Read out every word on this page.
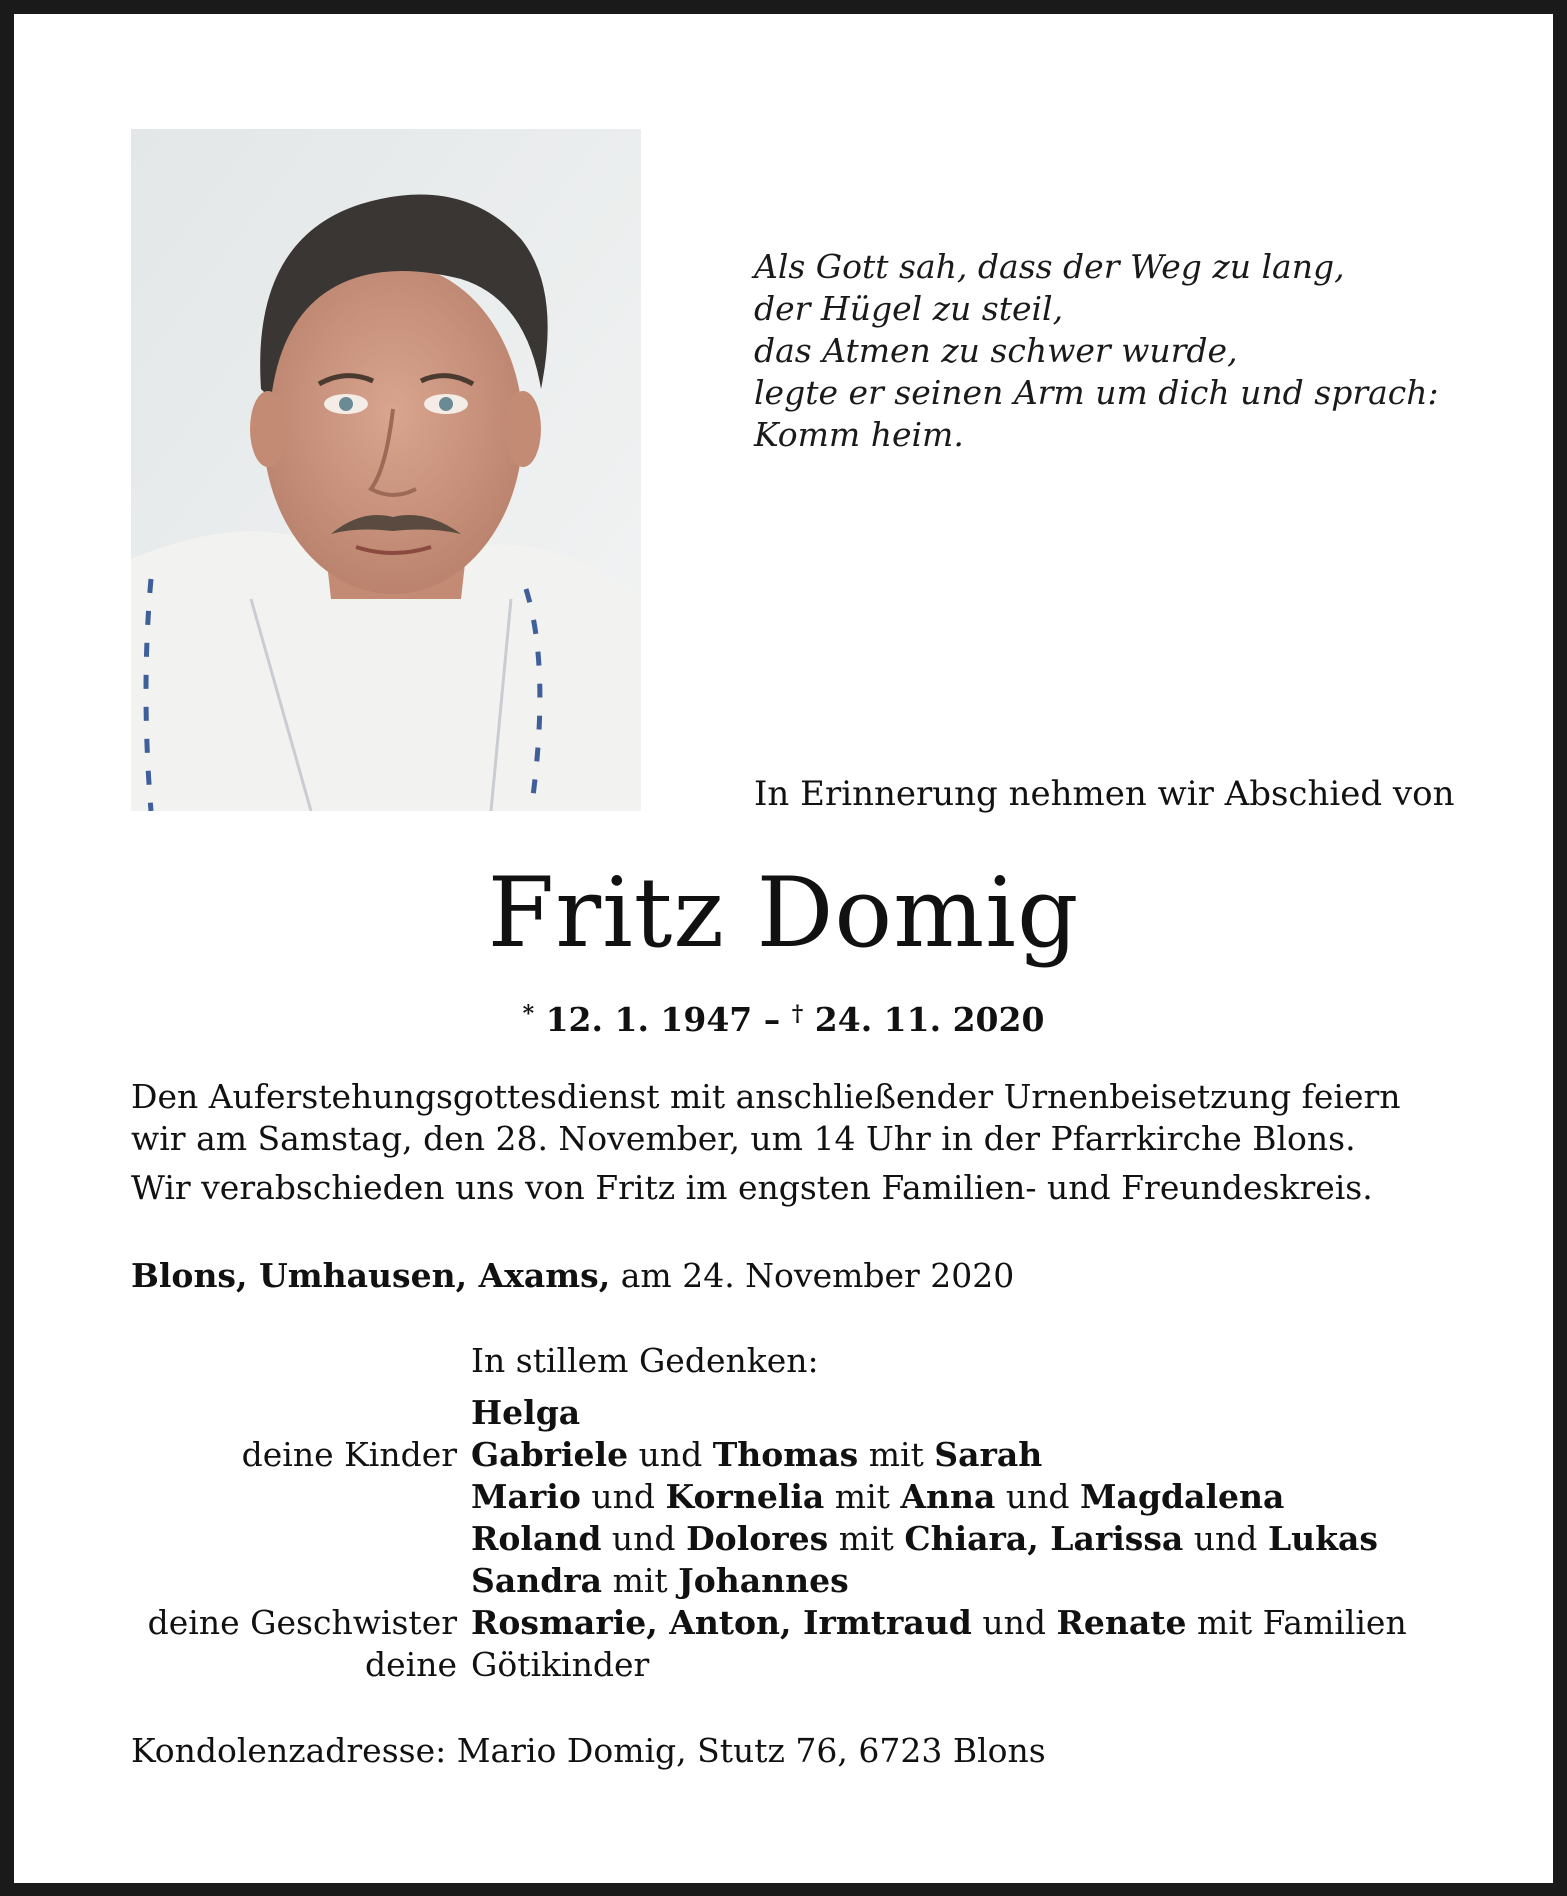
Als Gott sah, dass der Weg zu lang,
der Hügel zu steil,
das Atmen zu schwer wurde,
legte er seinen Arm um dich und sprach:
Komm heim.
In Erinnerung nehmen wir Abschied von
Fritz Domig
* 12. 1. 1947 – † 24. 11. 2020

Den Auferstehungsgottesdienst mit anschließender Urnenbeisetzung feiern wir am Samstag, den 28. November, um 14 Uhr in der Pfarrkirche Blons.

Wir verabschieden uns von Fritz im engsten Familien- und Freundeskreis.

Blons, Umhausen, Axams, am 24. November 2020
In stillem Gedenken:
Helga
deine Kinder Gabriele und Thomas mit Sarah
Mario und Kornelia mit Anna und Magdalena
Roland und Dolores mit Chiara, Larissa und Lukas
Sandra mit Johannes
deine Geschwister Rosmarie, Anton, Irmtraud und Renate mit Familien
deine Götikinder
Kondolenzadresse: Mario Domig, Stutz 76, 6723 Blons
